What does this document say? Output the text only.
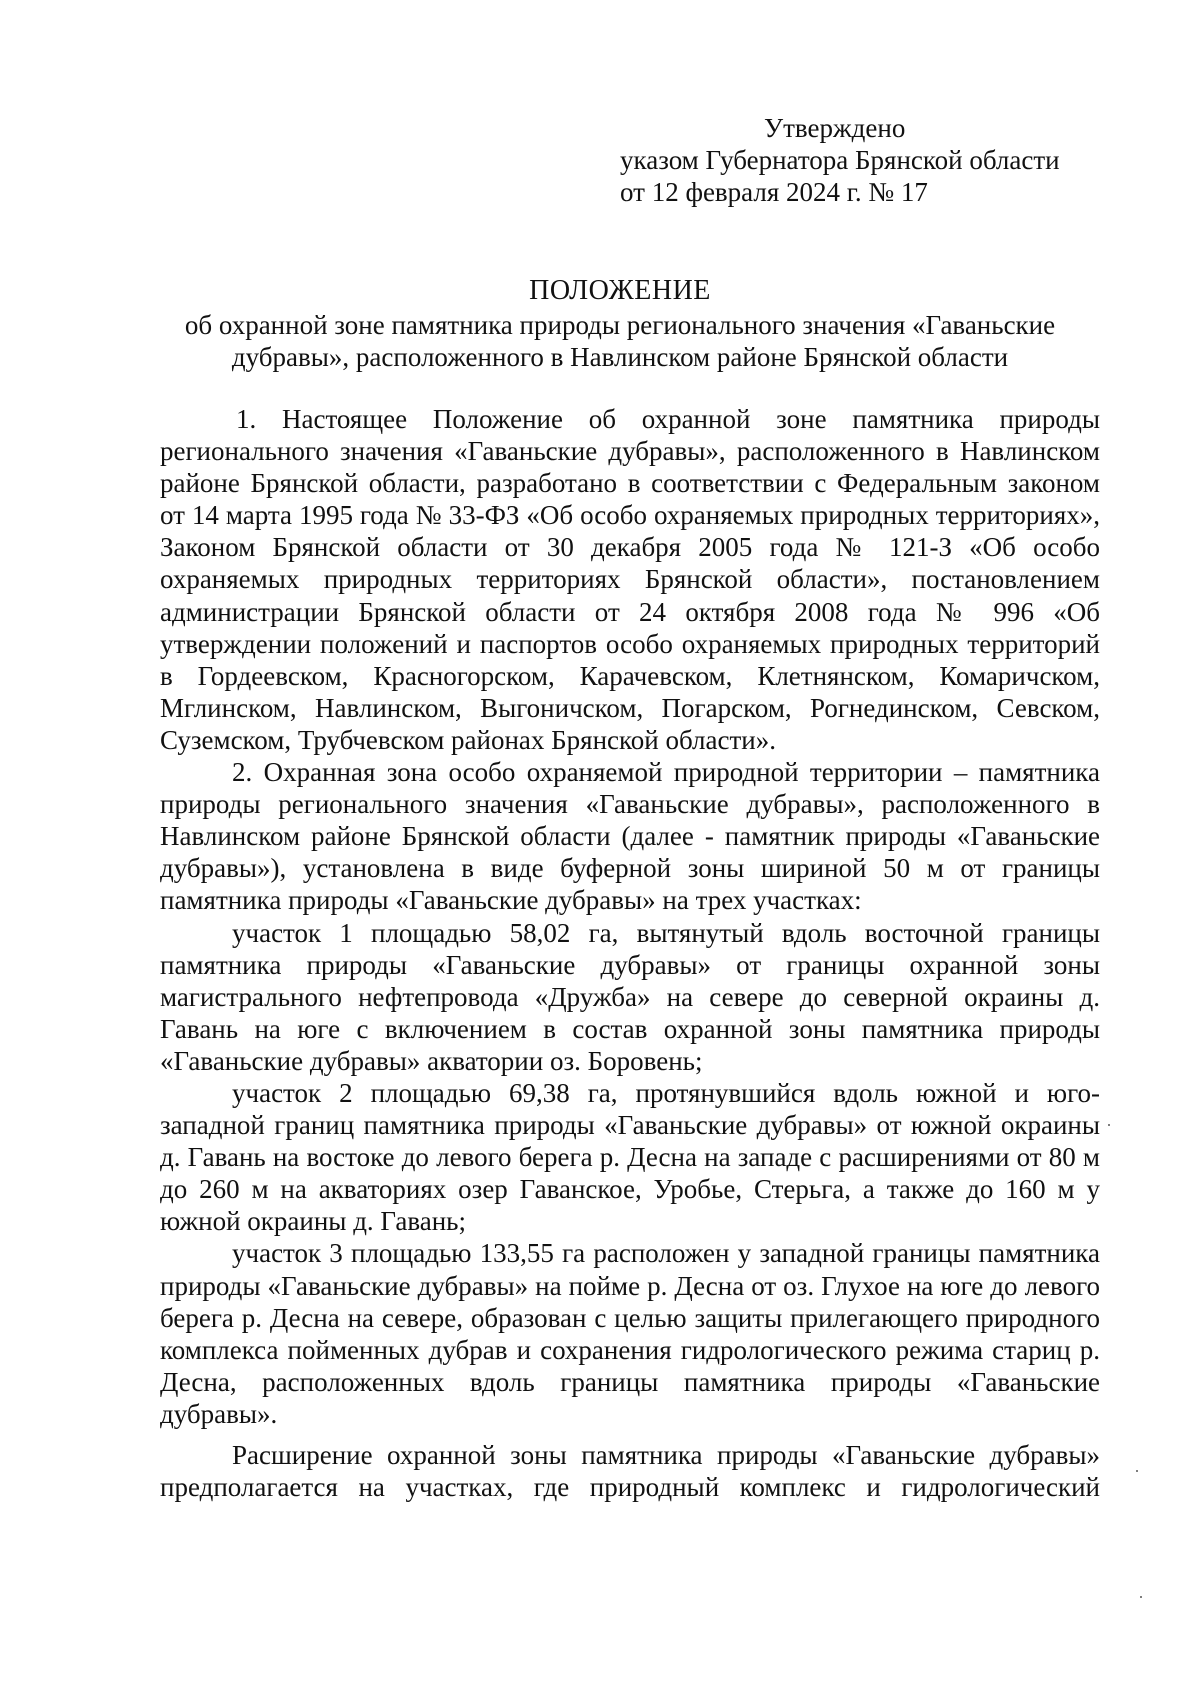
Утверждено
указом Губернатора Брянской области
от 12 февраля 2024 г. № 17
ПОЛОЖЕНИЕ
об охранной зоне памятника природы регионального значения «Гаваньские дубравы», расположенного в Навлинском районе Брянской области

1. Настоящее Положение об охранной зоне памятника природы регионального значения «Гаваньские дубравы», расположенного в Навлинском районе Брянской области, разработано в соответствии с Федеральным законом от 14 марта 1995 года № 33-ФЗ «Об особо охраняемых природных территориях», Законом Брянской области от 30 декабря 2005 года № 121-З «Об особо охраняемых природных территориях Брянской области», постановлением администрации Брянской области от 24 октября 2008 года № 996 «Об утверждении положений и паспортов особо охраняемых природных территорий в Гордеевском, Красногорском, Карачевском, Клетнянском, Комаричском, Мглинском, Навлинском, Выгоничском, Погарском, Рогнединском, Севском, Суземском, Трубчевском районах Брянской области».

2. Охранная зона особо охраняемой природной территории – памятника природы регионального значения «Гаваньские дубравы», расположенного в Навлинском районе Брянской области (далее - памятник природы «Гаваньские дубравы»), установлена в виде буферной зоны шириной 50 м от границы памятника природы «Гаваньские дубравы» на трех участках:

участок 1 площадью 58,02 га, вытянутый вдоль восточной границы памятника природы «Гаваньские дубравы» от границы охранной зоны магистрального нефтепровода «Дружба» на севере до северной окраины д. Гавань на юге с включением в состав охранной зоны памятника природы «Гаваньские дубравы» акватории оз. Боровень;

участок 2 площадью 69,38 га, протянувшийся вдоль южной и юго-западной границ памятника природы «Гаваньские дубравы» от южной окраины д. Гавань на востоке до левого берега р. Десна на западе с расширениями от 80 м до 260 м на акваториях озер Гаванское, Уробье, Стерьга, а также до 160 м у южной окраины д. Гавань;

участок 3 площадью 133,55 га расположен у западной границы памятника природы «Гаваньские дубравы» на пойме р. Десна от оз. Глухое на юге до левого берега р. Десна на севере, образован с целью защиты прилегающего природного комплекса пойменных дубрав и сохранения гидрологического режима стариц р. Десна, расположенных вдоль границы памятника природы «Гаваньские дубравы».

Расширение охранной зоны памятника природы «Гаваньские дубравы» предполагается на участках, где природный комплекс и гидрологический
